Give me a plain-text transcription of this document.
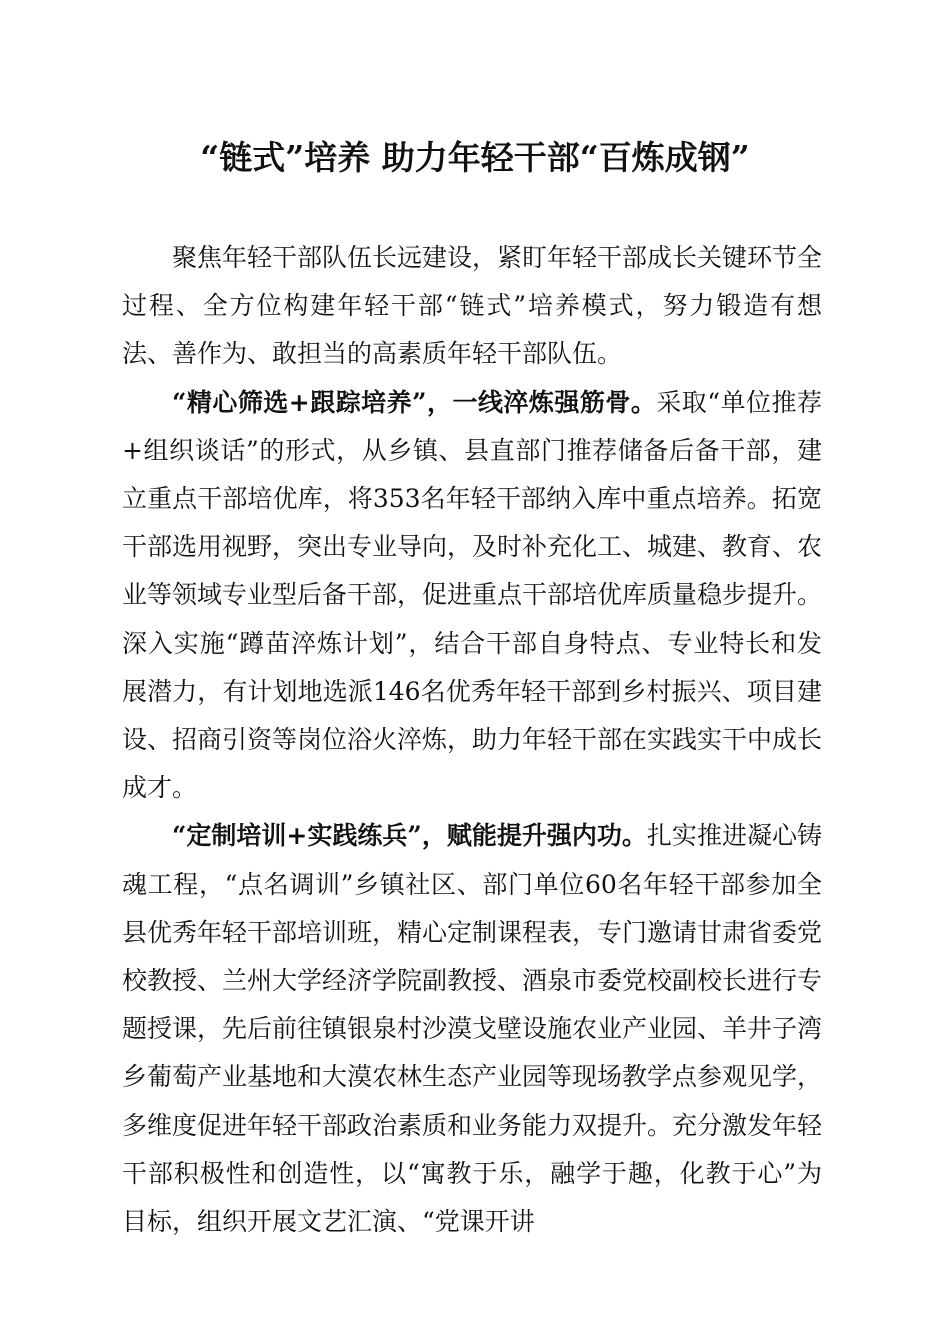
“链式”培养 助力年轻干部“百炼成钢”

聚焦年轻干部队伍长远建设，紧盯年轻干部成长关键环节全过程、全方位构建年轻干部“链式”培养模式，努力锻造有想法、善作为、敢担当的高素质年轻干部队伍。

“精心筛选+跟踪培养”，一线淬炼强筋骨。采取“单位推荐+组织谈话”的形式，从乡镇、县直部门推荐储备后备干部，建立重点干部培优库，将353名年轻干部纳入库中重点培养。拓宽干部选用视野，突出专业导向，及时补充化工、城建、教育、农业等领域专业型后备干部，促进重点干部培优库质量稳步提升。深入实施“蹲苗淬炼计划”，结合干部自身特点、专业特长和发展潜力，有计划地选派146名优秀年轻干部到乡村振兴、项目建设、招商引资等岗位浴火淬炼，助力年轻干部在实践实干中成长成才。

“定制培训+实践练兵”，赋能提升强内功。扎实推进凝心铸魂工程，“点名调训”乡镇社区、部门单位60名年轻干部参加全县优秀年轻干部培训班，精心定制课程表，专门邀请甘肃省委党校教授、兰州大学经济学院副教授、酒泉市委党校副校长进行专题授课，先后前往镇银泉村沙漠戈壁设施农业产业园、羊井子湾乡葡萄产业基地和大漠农林生态产业园等现场教学点参观见学，多维度促进年轻干部政治素质和业务能力双提升。充分激发年轻干部积极性和创造性，以“寓教于乐，融学于趣，化教于心”为目标，组织开展文艺汇演、“党课开讲
